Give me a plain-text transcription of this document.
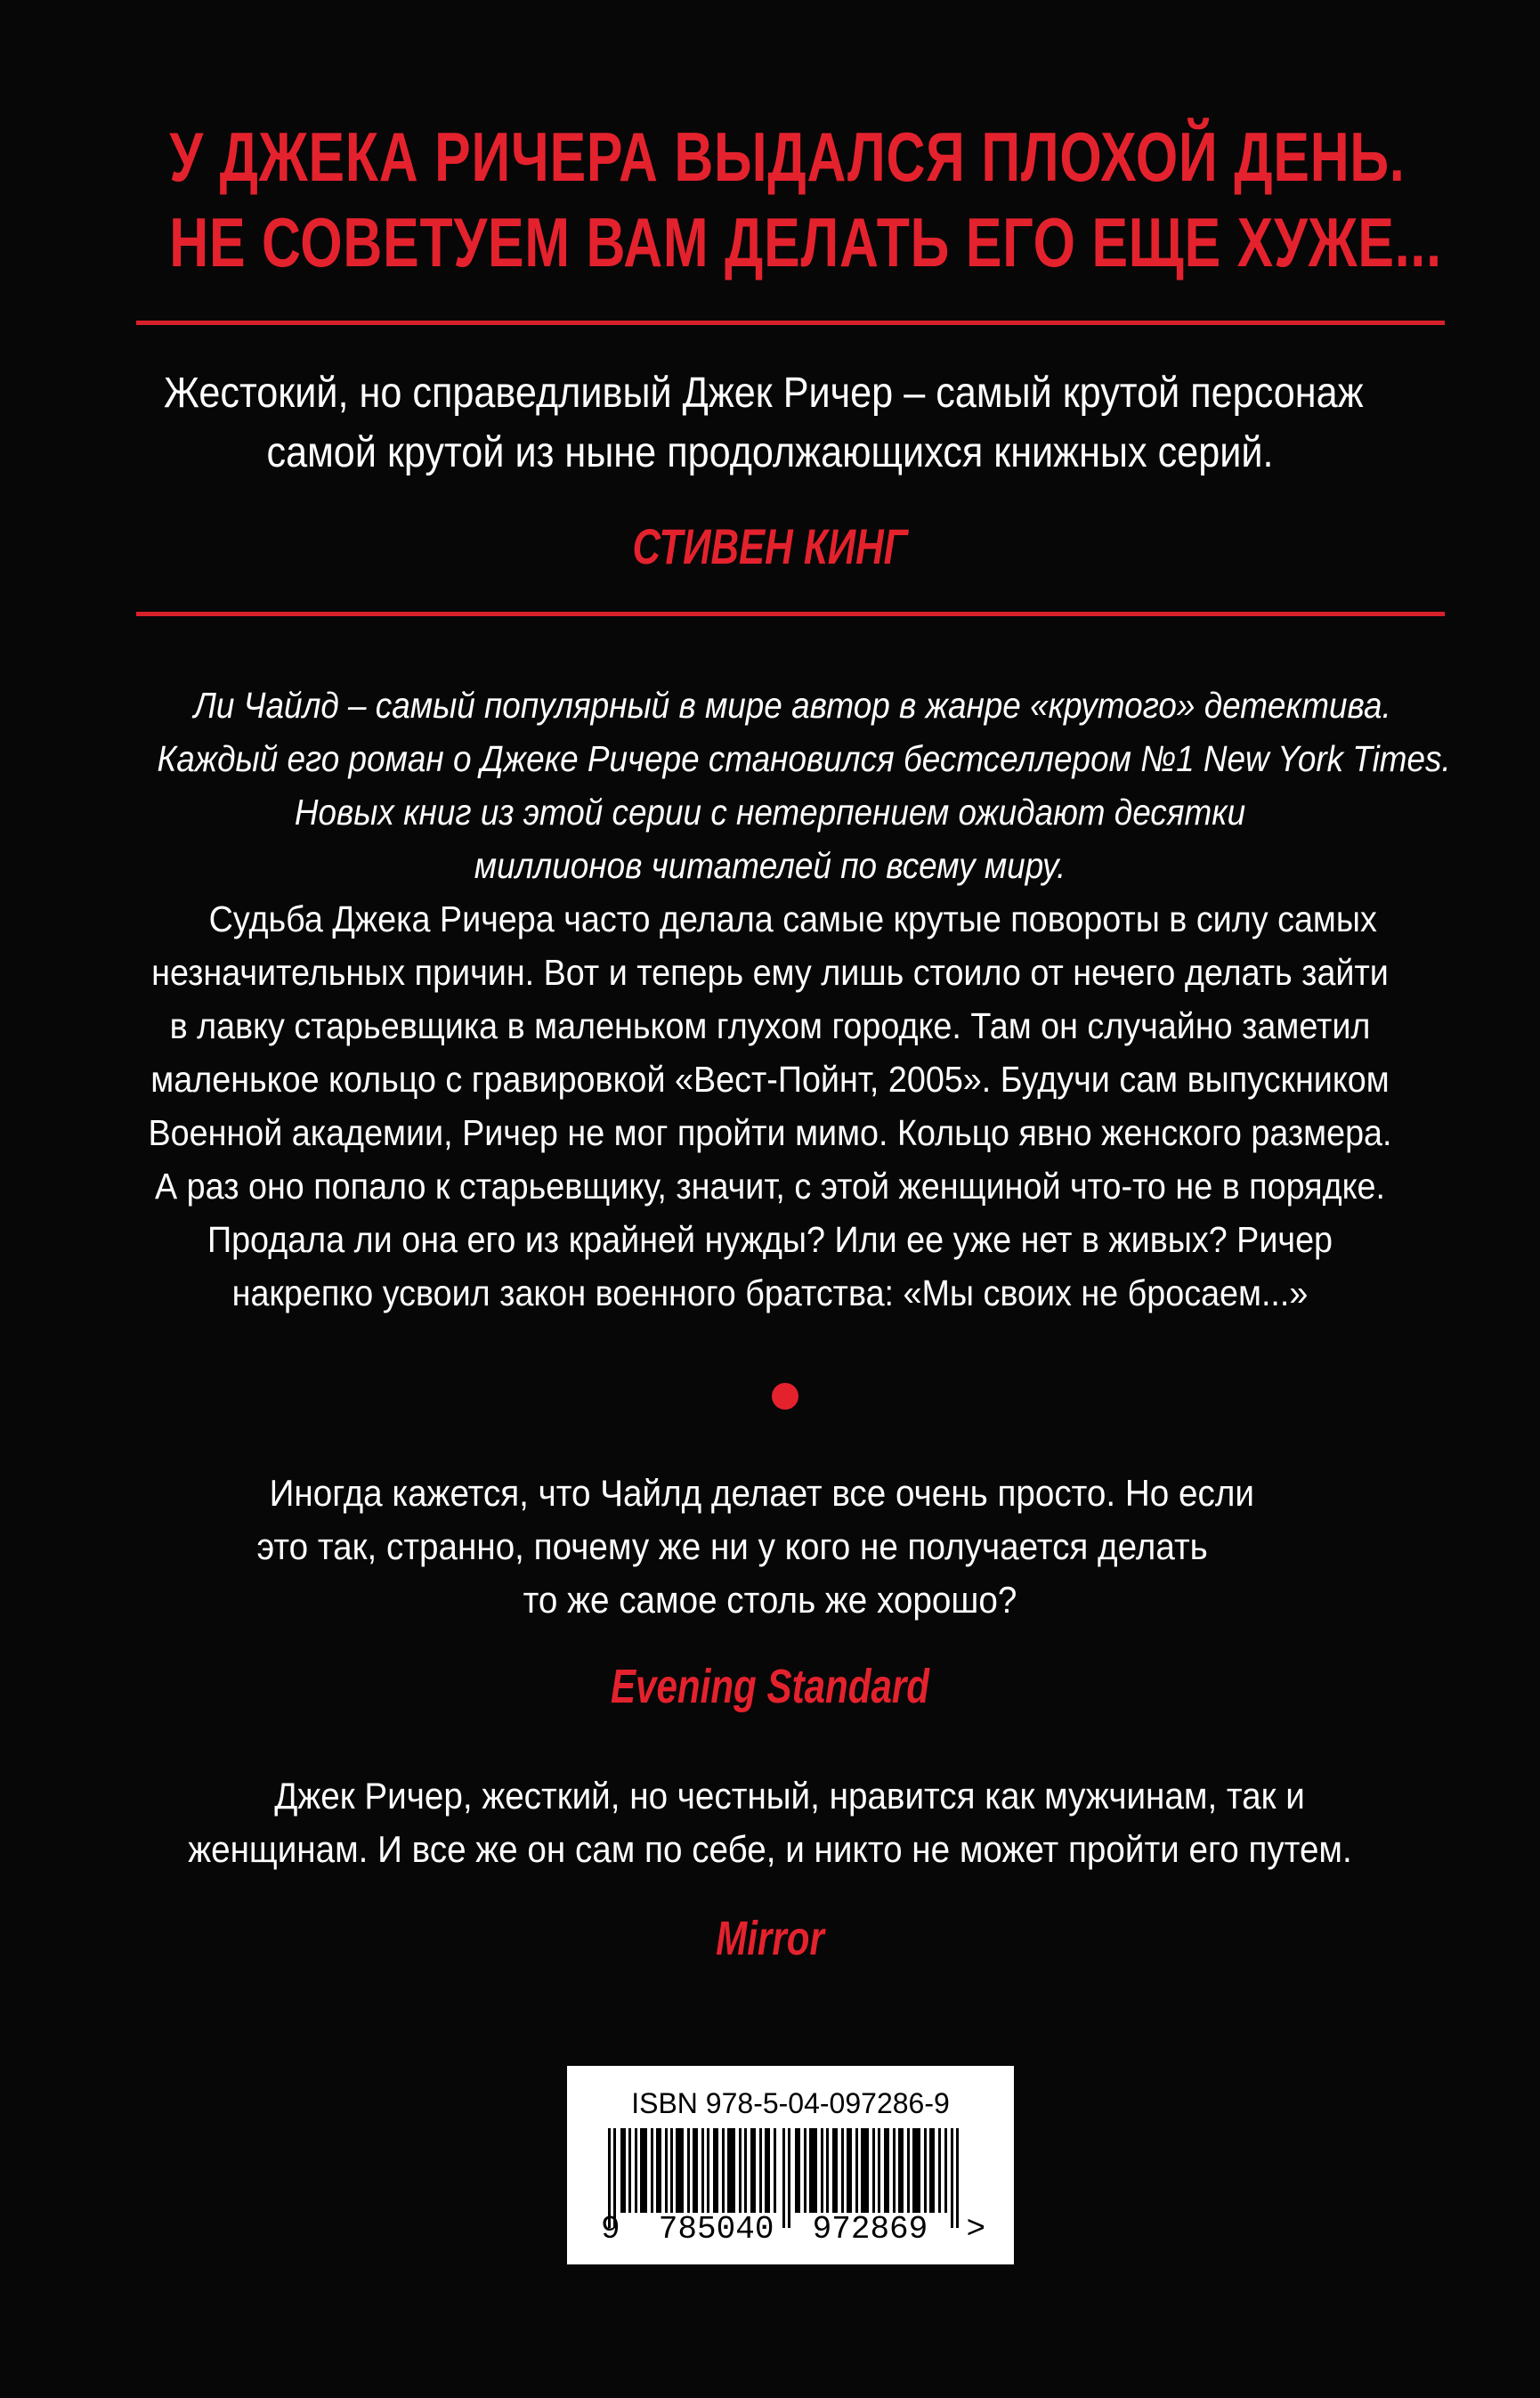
У ДЖЕКА РИЧЕРА ВЫДАЛСЯ ПЛОХОЙ ДЕНЬ.
НЕ СОВЕТУЕМ ВАМ ДЕЛАТЬ ЕГО ЕЩЕ ХУЖЕ...
Жестокий, но справедливый Джек Ричер – самый крутой персонаж
самой крутой из ныне продолжающихся книжных серий.
СТИВЕН КИНГ
Ли Чайлд – самый популярный в мире автор в жанре «крутого» детектива.
Каждый его роман о Джеке Ричере становился бестселлером №1 New York Times.
Новых книг из этой серии с нетерпением ожидают десятки
миллионов читателей по всему миру.
Судьба Джека Ричера часто делала самые крутые повороты в силу самых
незначительных причин. Вот и теперь ему лишь стоило от нечего делать зайти
в лавку старьевщика в маленьком глухом городке. Там он случайно заметил
маленькое кольцо с гравировкой «Вест-Пойнт, 2005». Будучи сам выпускником
Военной академии, Ричер не мог пройти мимо. Кольцо явно женского размера.
А раз оно попало к старьевщику, значит, с этой женщиной что-то не в порядке.
Продала ли она его из крайней нужды? Или ее уже нет в живых? Ричер
накрепко усвоил закон военного братства: «Мы своих не бросаем...»
Иногда кажется, что Чайлд делает все очень просто. Но если
это так, странно, почему же ни у кого не получается делать
то же самое столь же хорошо?
Evening Standard
Джек Ричер, жесткий, но честный, нравится как мужчинам, так и
женщинам. И все же он сам по себе, и никто не может пройти его путем.
Mirror
ISBN 978-5-04-097286-9
9  785040  972869  >
